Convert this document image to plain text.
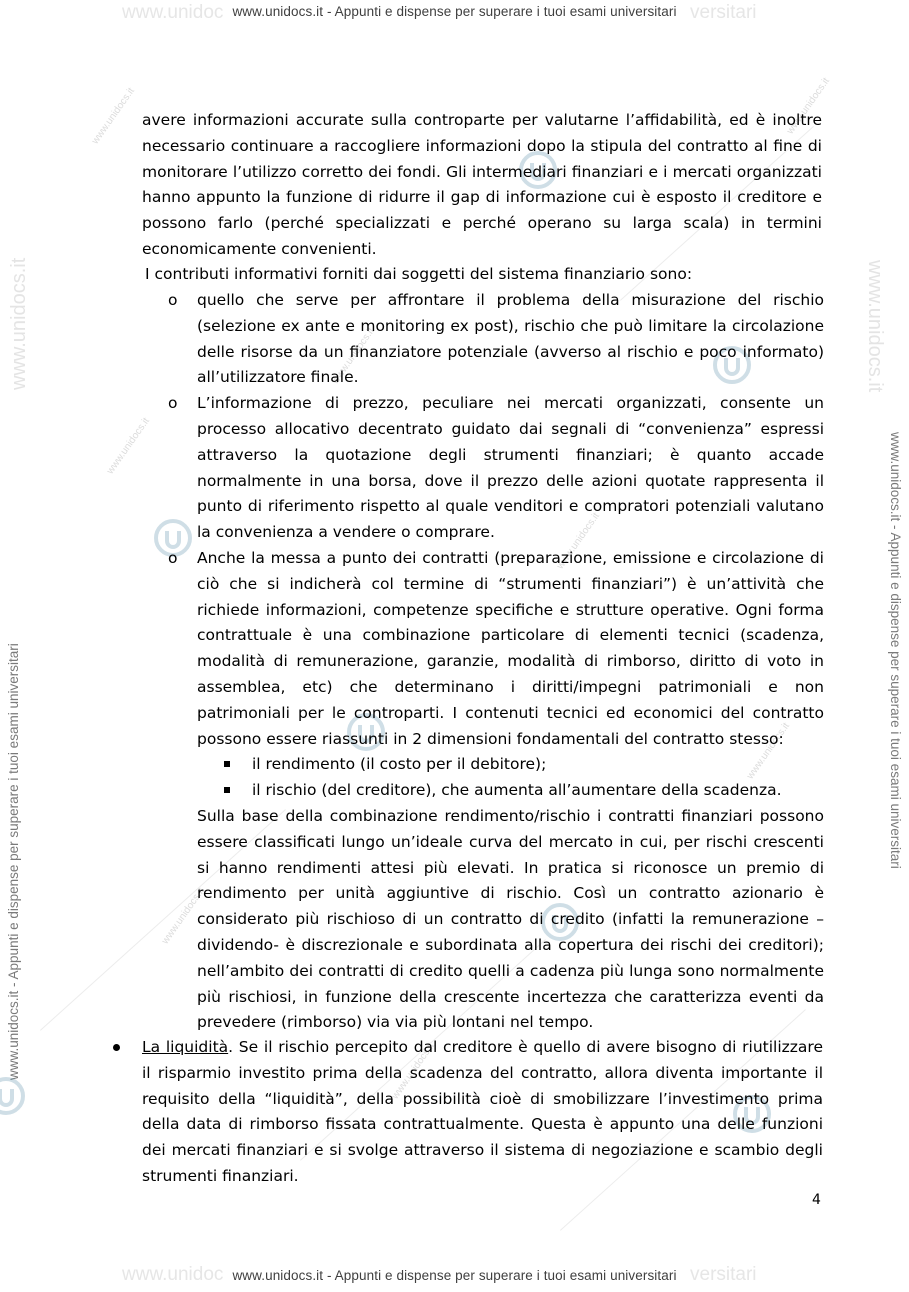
www.unidoc	versitari
www.unidoc	versitari
www.unidocs.it - Appunti e dispense per superare i tuoi esami universitari
www.unidocs.it - Appunti e dispense per superare i tuoi esami universitari
www.unidocs.it - Appunti e dispense per superare i tuoi esami universitari	www.unidocs.it - Appunti e dispense per superare i tuoi esami universitari
www.unidocs.it	www.unidocs.it
www.unidocs.it
www.unidocs.it
www.unidocs.it
www.unidocs.it
www.unidocs.it
www.unidocs.it
www.unidocs.it
www.unidocs.it
avere informazioni accurate sulla controparte per valutarne l’affidabilità, ed è inoltre necessario continuare a raccogliere informazioni dopo la stipula del contratto al fine di monitorare l’utilizzo corretto dei fondi. Gli intermediari finanziari e i mercati organizzati hanno appunto la funzione di ridurre il gap di informazione cui è esposto il creditore e possono farlo (perché specializzati e perché operano su larga scala) in termini economicamente convenienti.
I contributi informativi forniti dai soggetti del sistema finanziario sono:
o quello che serve per affrontare il problema della misurazione del rischio (selezione ex ante e monitoring ex post), rischio che può limitare la circolazione delle risorse da un finanziatore potenziale (avverso al rischio e poco informato) all’utilizzatore finale.
o L’informazione di prezzo, peculiare nei mercati organizzati, consente un processo allocativo decentrato guidato dai segnali di “convenienza” espressi attraverso la quotazione degli strumenti finanziari; è quanto accade normalmente in una borsa, dove il prezzo delle azioni quotate rappresenta il punto di riferimento rispetto al quale venditori e compratori potenziali valutano la convenienza a vendere o comprare.
o Anche la messa a punto dei contratti (preparazione, emissione e circolazione di ciò che si indicherà col termine di “strumenti finanziari”) è un’attività che richiede informazioni, competenze specifiche e strutture operative. Ogni forma contrattuale è una combinazione particolare di elementi tecnici (scadenza, modalità di remunerazione, garanzie, modalità di rimborso, diritto di voto in assemblea, etc) che determinano i diritti/impegni patrimoniali e non patrimoniali per le controparti. I contenuti tecnici ed economici del contratto possono essere riassunti in 2 dimensioni fondamentali del contratto stesso:
il rendimento (il costo per il debitore);
il rischio (del creditore), che aumenta all’aumentare della scadenza.
Sulla base della combinazione rendimento/rischio i contratti finanziari possono essere classificati lungo un’ideale curva del mercato in cui, per rischi crescenti si hanno rendimenti attesi più elevati. In pratica si riconosce un premio di rendimento per unità aggiuntive di rischio. Così un contratto azionario è considerato più rischioso di un contratto di credito (infatti la remunerazione –dividendo- è discrezionale e subordinata alla copertura dei rischi dei creditori); nell’ambito dei contratti di credito quelli a cadenza più lunga sono normalmente più rischiosi, in funzione della crescente incertezza che caratterizza eventi da prevedere (rimborso) via via più lontani nel tempo.
La liquidità. Se il rischio percepito dal creditore è quello di avere bisogno di riutilizzare il risparmio investito prima della scadenza del contratto, allora diventa importante il requisito della “liquidità”, della possibilità cioè di smobilizzare l’investimento prima della data di rimborso fissata contrattualmente. Questa è appunto una delle funzioni dei mercati finanziari e si svolge attraverso il sistema di negoziazione e scambio degli strumenti finanziari.
4
